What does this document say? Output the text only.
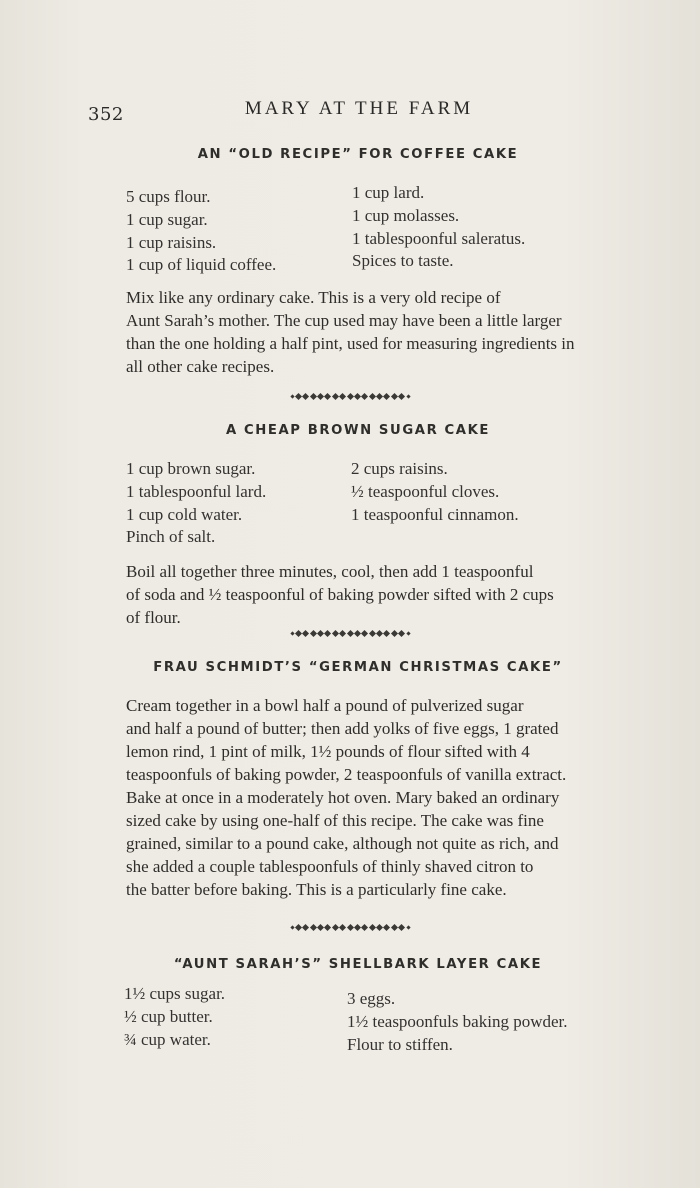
352	MARY AT THE FARM
AN “OLD RECIPE” FOR COFFEE CAKE
5 cups flour.
1 cup sugar.
1 cup raisins.
1 cup of liquid coffee.
1 cup lard.
1 cup molasses.
1 tablespoonful saleratus.
Spices to taste.
Mix like any ordinary cake. This is a very old recipe of
Aunt Sarah’s mother. The cup used may have been a little larger
than the one holding a half pint, used for measuring ingredients in
all other cake recipes.
A CHEAP BROWN SUGAR CAKE
1 cup brown sugar.
1 tablespoonful lard.
1 cup cold water.
Pinch of salt.
2 cups raisins.
½ teaspoonful cloves.
1 teaspoonful cinnamon.
Boil all together three minutes, cool, then add 1 teaspoonful
of soda and ½ teaspoonful of baking powder sifted with 2 cups
of flour.
FRAU SCHMIDT’S “GERMAN CHRISTMAS CAKE”
Cream together in a bowl half a pound of pulverized sugar
and half a pound of butter; then add yolks of five eggs, 1 grated
lemon rind, 1 pint of milk, 1½ pounds of flour sifted with 4
teaspoonfuls of baking powder, 2 teaspoonfuls of vanilla extract.
Bake at once in a moderately hot oven. Mary baked an ordinary
sized cake by using one-half of this recipe. The cake was fine
grained, similar to a pound cake, although not quite as rich, and
she added a couple tablespoonfuls of thinly shaved citron to
the batter before baking. This is a particularly fine cake.
“AUNT SARAH’S” SHELLBARK LAYER CAKE
1½ cups sugar.
½ cup butter.
¾ cup water.
3 eggs.
1½ teaspoonfuls baking powder.
Flour to stiffen.
